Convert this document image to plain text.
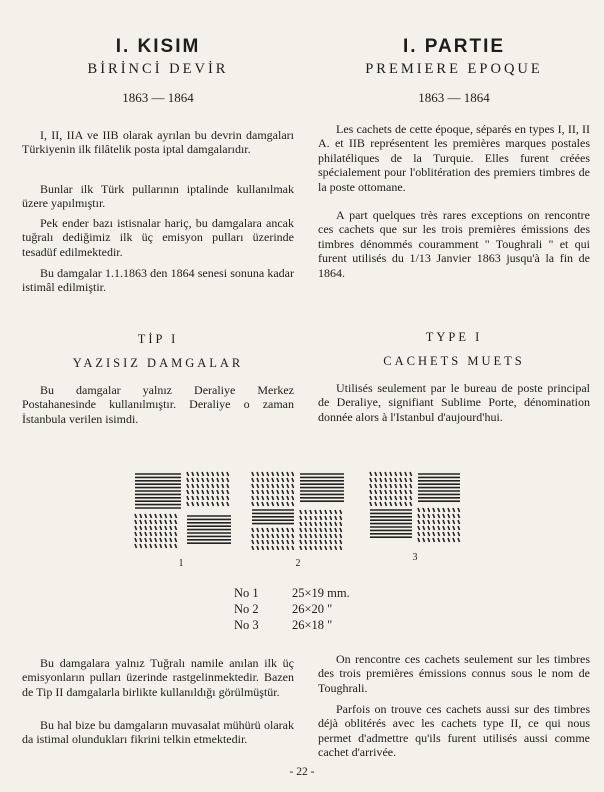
I. KISIM

BİRİNCİ DEVİR

1863 — 1864

I, II, IIA ve IIB olarak ayrılan bu devrin damgaları Türkiyenin ilk filâtelik posta iptal damgalarıdır.

Bunlar ilk Türk pullarının iptalinde kullanılmak üzere yapılmıştır.

Pek ender bazı istisnalar hariç, bu damgalara ancak tuğralı dediğimiz ilk üç emisyon pulları üzerinde tesadüf edilmektedir.

Bu damgalar 1.1.1863 den 1864 senesi sonuna kadar istimâl edilmiştir.

TİP I

YAZISIZ DAMGALAR

Bu damgalar yalnız Deraliye Merkez Postahanesinde kullanılmıştır. Deraliye o zaman İstanbula verilen isimdi.

Bu damgalara yalnız Tuğralı namile anılan ilk üç emisyonların pulları üzerinde rastgelinmektedir. Bazen de Tip II damgalarla birlikte kullanıldığı görülmüştür.

Bu hal bize bu damgaların muvasalat mühürü olarak da istimal olundukları fikrini telkin etmektedir.

I. PARTIE

PREMIERE EPOQUE

1863 — 1864

Les cachets de cette époque, séparés en types I, II, II A. et IIB représentent les premières marques postales philatéliques de la Turquie. Elles furent créées spécialement pour l'oblitération des premiers timbres de la poste ottomane.

A part quelques très rares exceptions on rencontre ces cachets que sur les trois premières émissions des timbres dénommés couramment " Toughrali " et qui furent utilisés du 1/13 Janvier 1863 jusqu'à la fin de 1864.

TYPE I

CACHETS MUETS

Utilisés seulement par le bureau de poste principal de Deraliye, signifiant Sublime Porte, dénomination donnée alors à l'Istanbul d'aujourd'hui.

On rencontre ces cachets seulement sur les timbres des trois premières émissions connus sous le nom de Toughrali.

Parfois on trouve ces cachets aussi sur des timbres déjà oblitérés avec les cachets type II, ce qui nous permet d'admettre qu'ils furent utilisés aussi comme cachet d'arrivée.

1	2
3
No 1	25×19 mm.
No 2	26×20 "
No 3	26×18 "
- 22 -
